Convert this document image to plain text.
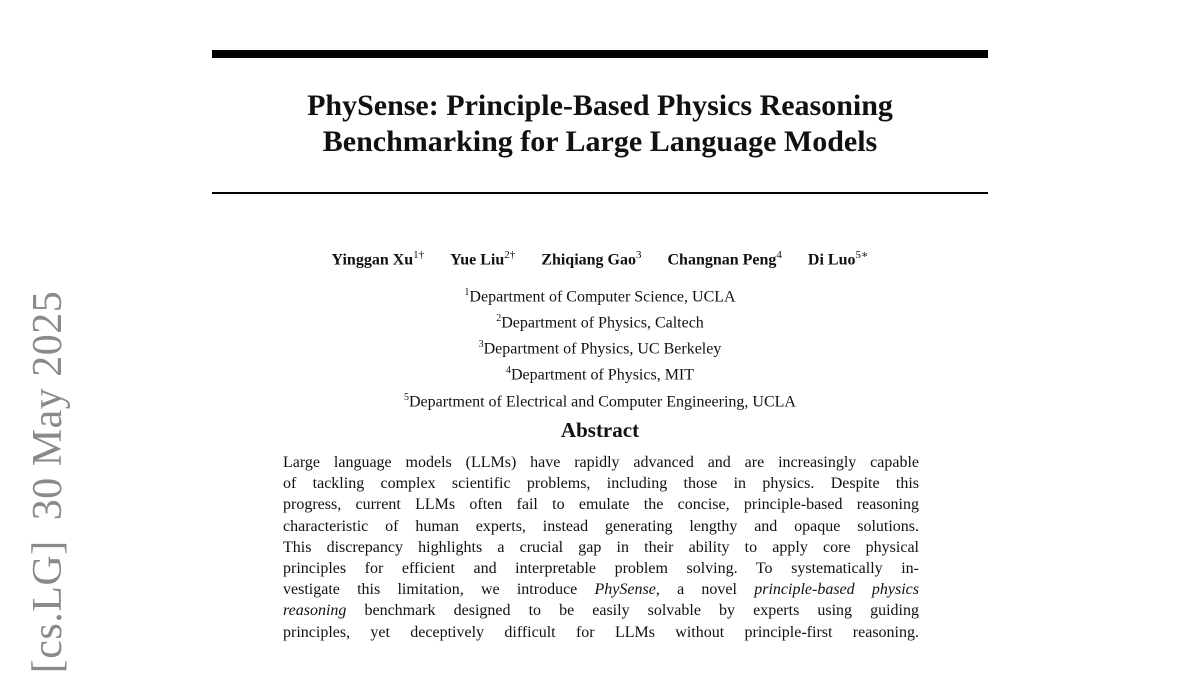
PhySense: Principle-Based Physics Reasoning
Benchmarking for Large Language Models
Yinggan $Xu^{1\dagger}$ Yue Liu$^{2\dagger}$ Zhiqiang Gao$^3$ Changnan Peng$^4$ Di Luo$^{5∗}$
$^1$Department of Computer Science, UCLA
$^2$Department of Physics, Caltech
$^3$Department of Physics, UC Berkeley
$^4$Department of Physics, MIT
$^5$Department of Electrical and Computer Engineering, UCLA
Abstract
Large language models (LLMs) have rapidly advanced and are increasingly capable
of tackling complex scientific problems, including those in physics. Despite this
progress, current LLMs often fail to emulate the concise, principle-based reasoning
characteristic of human experts, instead generating lengthy and opaque solutions.
This discrepancy highlights a crucial gap in their ability to apply core physical
principles for efficient and interpretable problem solving. To systematically in-
vestigate this limitation, we introduce PhySense, a novel principle-based physics
reasoning benchmark designed to be easily solvable by experts using guiding
principles, yet deceptively difficult for LLMs without principle-first reasoning.
[cs.LG]30 May 2025
